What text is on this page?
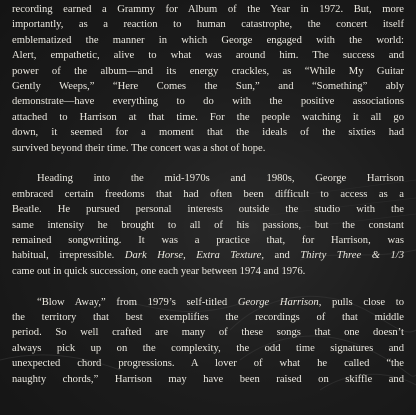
recording earned a Grammy for Album of the Year in 1972. But, more
importantly, as a reaction to human catastrophe, the concert itself
emblematized the manner in which George engaged with the world:
Alert, empathetic, alive to what was around him. The success and
power of the album—and its energy crackles, as “While My Guitar
Gently Weeps,” “Here Comes the Sun,” and “Something” ably
demonstrate—have everything to do with the positive associations
attached to Harrison at that time. For the people watching it all go
down, it seemed for a moment that the ideals of the sixties had
survived beyond their time. The concert was a shot of hope.
Heading into the mid-1970s and 1980s, George Harrison
embraced certain freedoms that had often been difficult to access as a
Beatle. He pursued personal interests outside the studio with the
same intensity he brought to all of his passions, but the constant
remained songwriting. It was a practice that, for Harrison, was
habitual, irrepressible. Dark Horse, Extra Texture, and Thirty Three & 1/3
came out in quick succession, one each year between 1974 and 1976.
“Blow Away,” from 1979’s self-titled George Harrison, pulls close to
the territory that best exemplifies the recordings of that middle
period. So well crafted are many of these songs that one doesn’t
always pick up on the complexity, the odd time signatures and
unexpected chord progressions. A lover of what he called “the
naughty chords,” Harrison may have been raised on skiffle and
